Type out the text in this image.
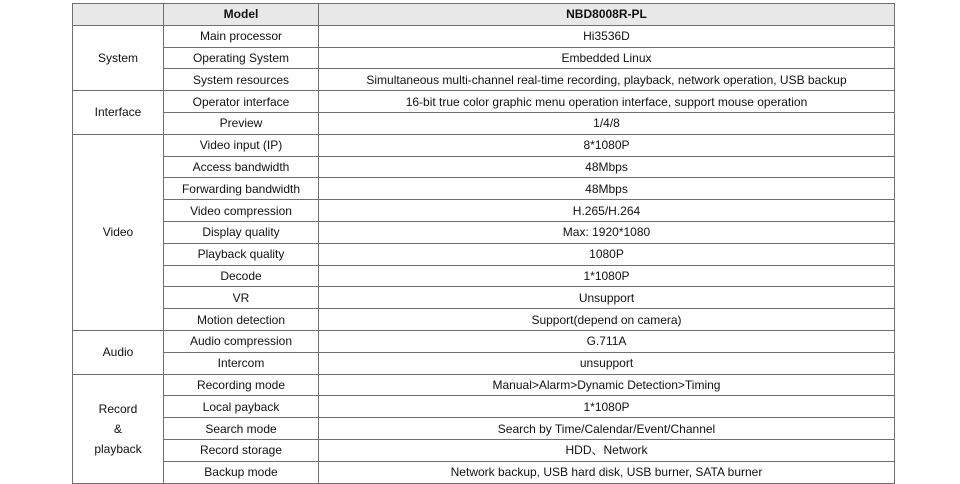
	Model	NBD8008R-PL

System	Main processor	Hi3536D
	Operating System	Embedded Linux
	System resources	Simultaneous multi-channel real-time recording, playback, network operation, USB backup

Interface	Operator interface	16-bit true color graphic menu operation interface, support mouse operation
	Preview	1/4/8

Video	Video input (IP)	8*1080P
	Access bandwidth	48Mbps
	Forwarding bandwidth	48Mbps
	Video compression	H.265/H.264
	Display quality	Max: 1920*1080
	Playback quality	1080P
	Decode	1*1080P
	VR	Unsupport
	Motion detection	Support(depend on camera)

Audio	Audio compression	G.711A
	Intercom	unsupport

Record
&
playback	Recording mode	Manual>Alarm>Dynamic Detection>Timing
	Local payback	1*1080P
	Search mode	Search by Time/Calendar/Event/Channel
	Record storage	HDD、Network
	Backup mode	Network backup, USB hard disk, USB burner, SATA burner
